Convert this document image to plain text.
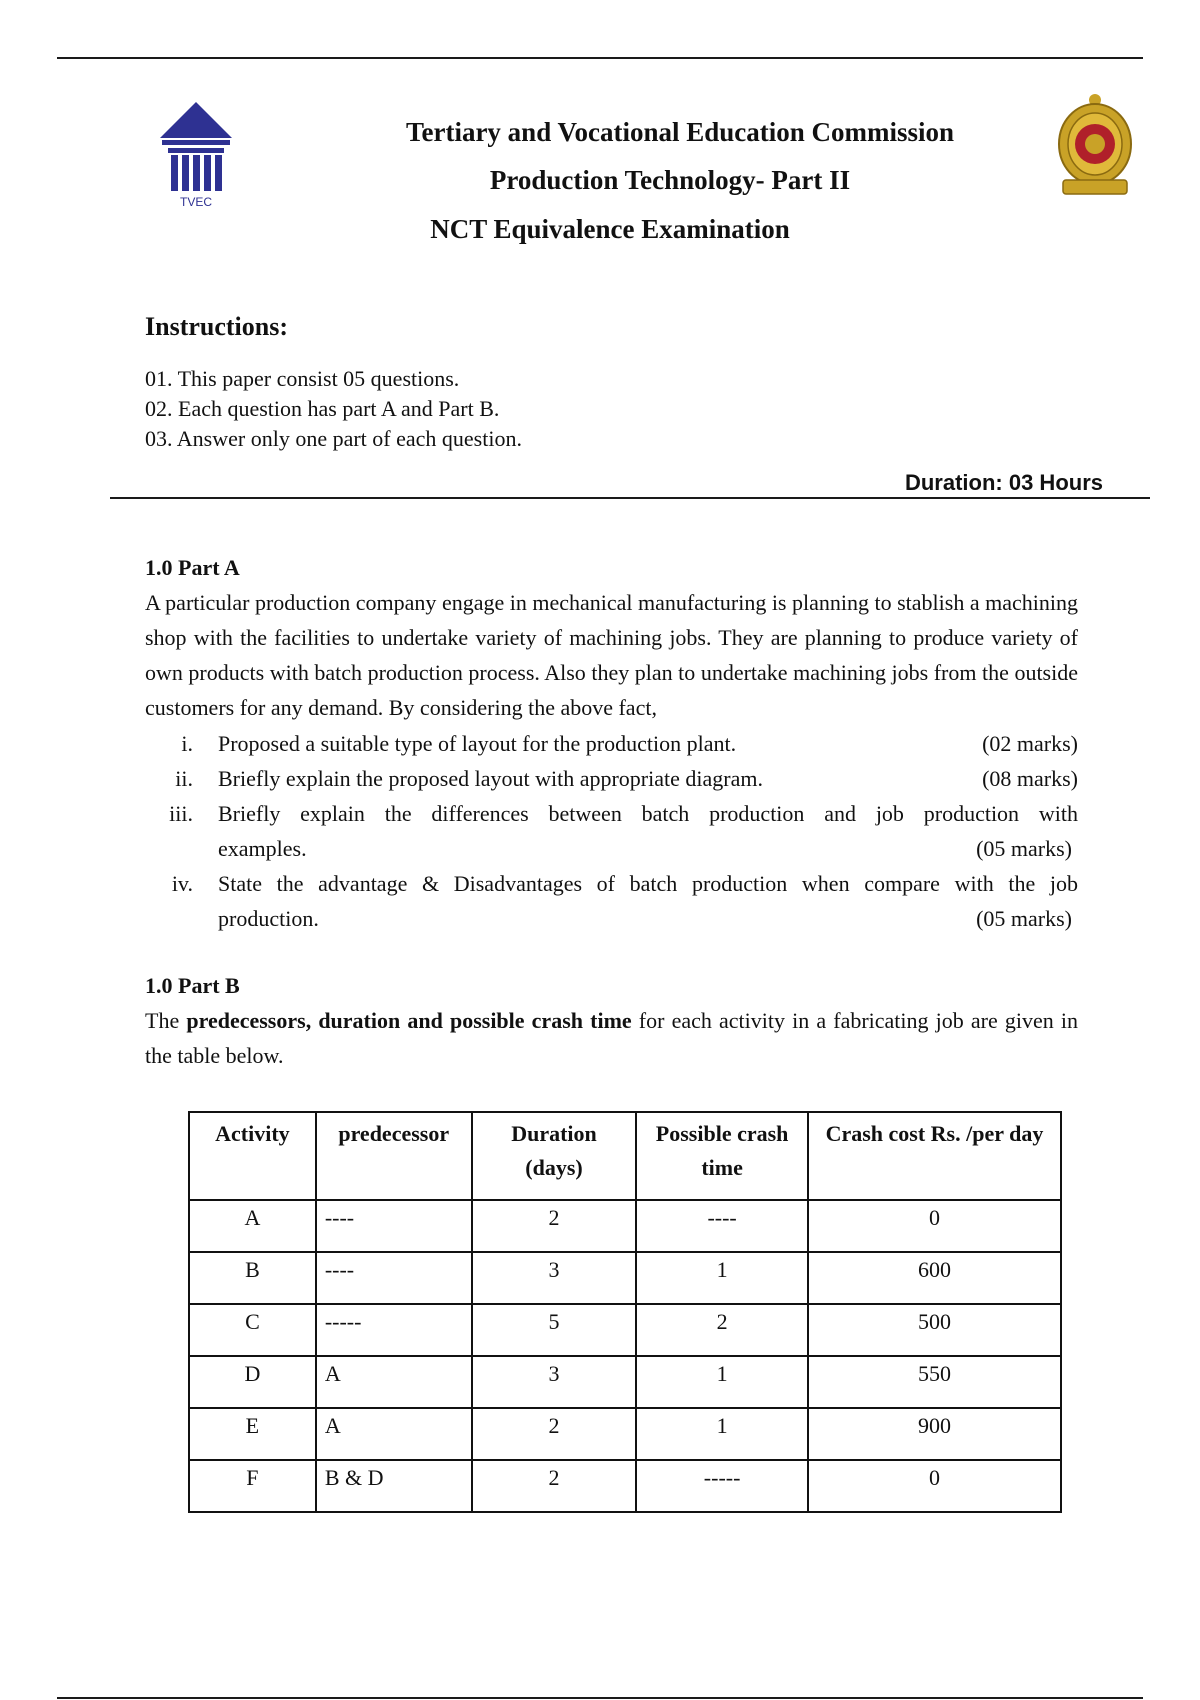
TVEC
Tertiary and Vocational Education Commission
Production Technology- Part II
NCT Equivalence Examination
Instructions:
01. This paper consist 05 questions.
02. Each question has part A and Part B.
03. Answer only one part of each question.
Duration: 03 Hours
1.0 Part A
A particular production company engage in mechanical manufacturing is planning to stablish a machining shop with the facilities to undertake variety of machining jobs. They are planning to produce variety of own products with batch production process. Also they plan to undertake machining jobs from the outside customers for any demand. By considering the above fact,
i. Proposed a suitable type of layout for the production plant.	(02 marks)
ii. Briefly explain the proposed layout with appropriate diagram.	(08 marks)
iii. Briefly explain the differences between batch production and job production with
examples.	(05 marks)
iv. State the advantage & Disadvantages of batch production when compare with the job
production.	(05 marks)
1.0 Part B
The predecessors, duration and possible crash time for each activity in a fabricating job are given in the table below.
Activity	predecessor	Duration (days)	Possible crash time	Crash cost Rs. /per day
A	----	2	----	0
B	----	3	1	600
C	-----	5	2	500
D	A	3	1	550
E	A	2	1	900
F	B & D	2	-----	0
